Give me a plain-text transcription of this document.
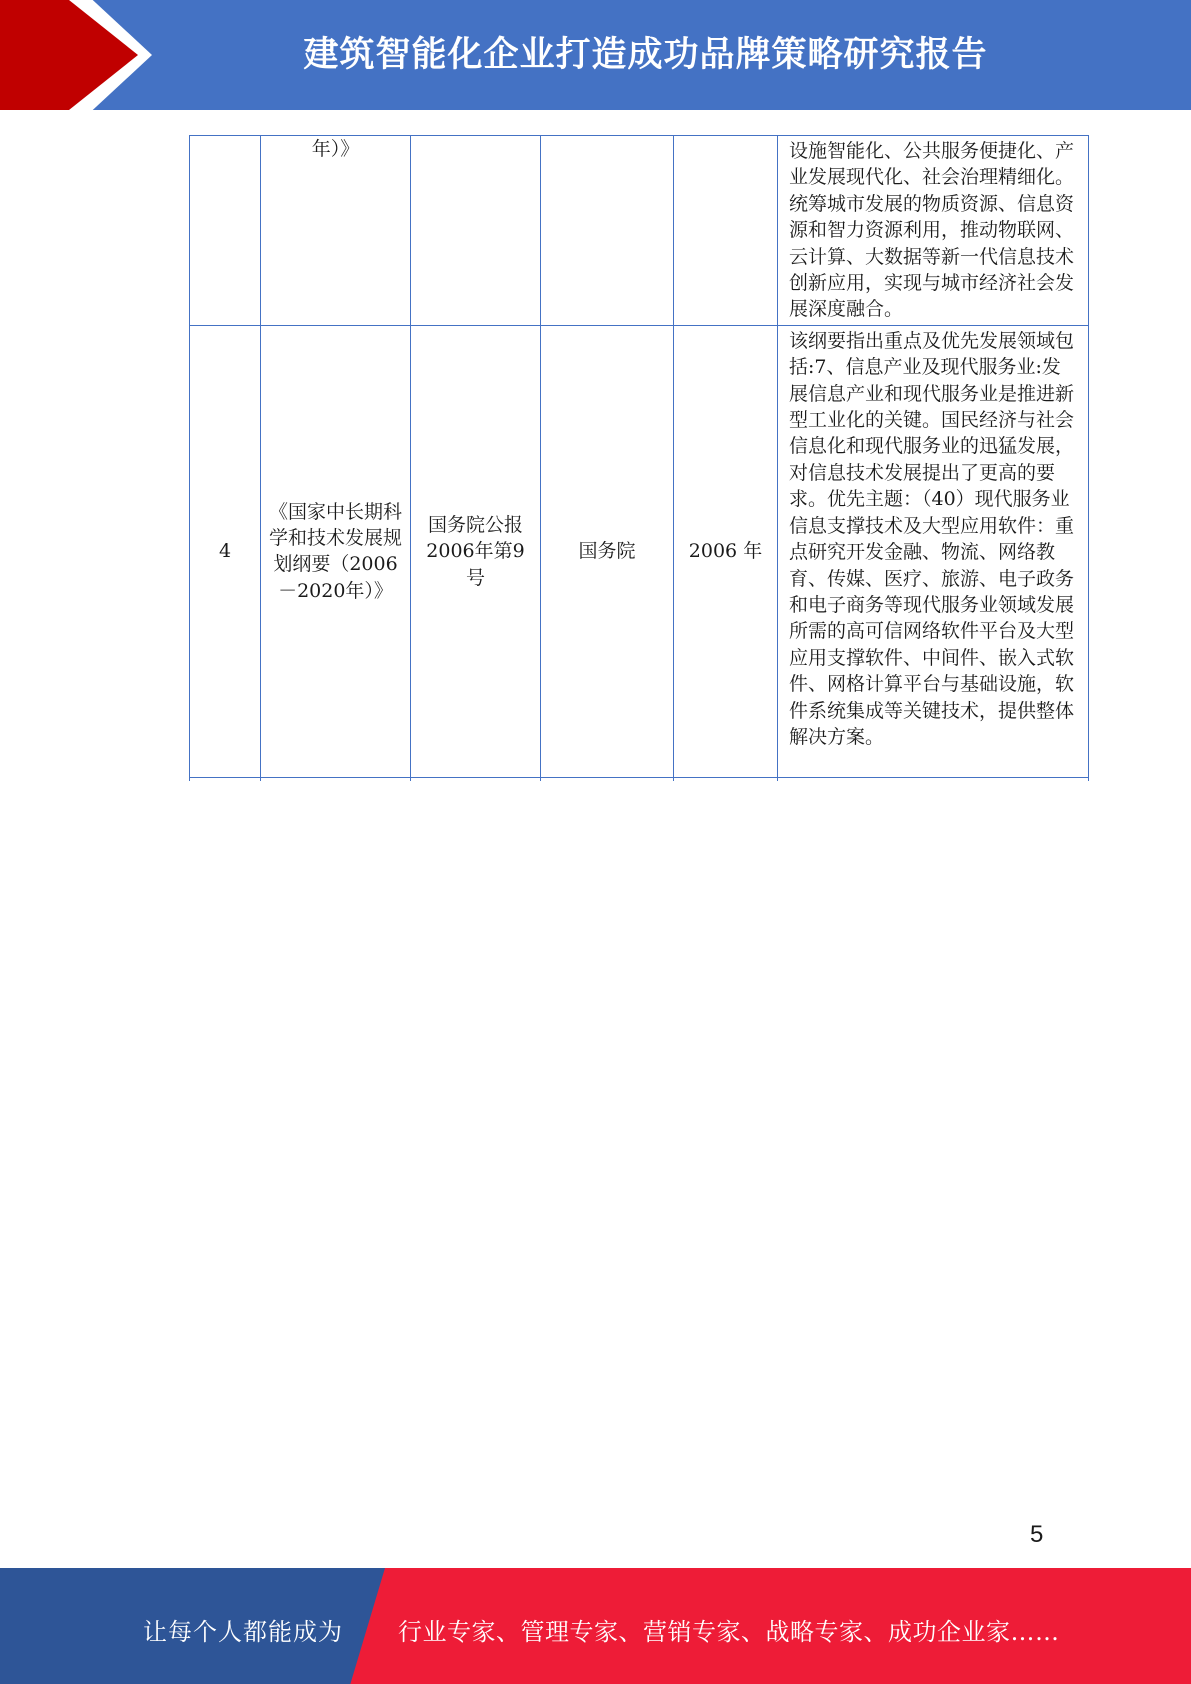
建筑智能化企业打造成功品牌策略研究报告
	年）》				设施智能化、公共服务便捷化、产业发展现代化、社会治理精细化。统筹城市发展的物质资源、信息资源和智力资源利用，推动物联网、云计算、大数据等新一代信息技术创新应用，实现与城市经济社会发展深度融合。
4	《国家中长期科学和技术发展规划纲要（2006－2020年）》	国务院公报2006年第9号	国务院	2006 年	该纲要指出重点及优先发展领域包括:7、信息产业及现代服务业:发展信息产业和现代服务业是推进新型工业化的关键。国民经济与社会信息化和现代服务业的迅猛发展，对信息技术发展提出了更高的要求。优先主题：（40）现代服务业信息支撑技术及大型应用软件：重点研究开发金融、物流、网络教育、传媒、医疗、旅游、电子政务和电子商务等现代服务业领域发展所需的高可信网络软件平台及大型应用支撑软件、中间件、嵌入式软件、网格计算平台与基础设施，软件系统集成等关键技术，提供整体解决方案。

5
让每个人都能成为 行业专家、管理专家、营销专家、战略专家、成功企业家……
